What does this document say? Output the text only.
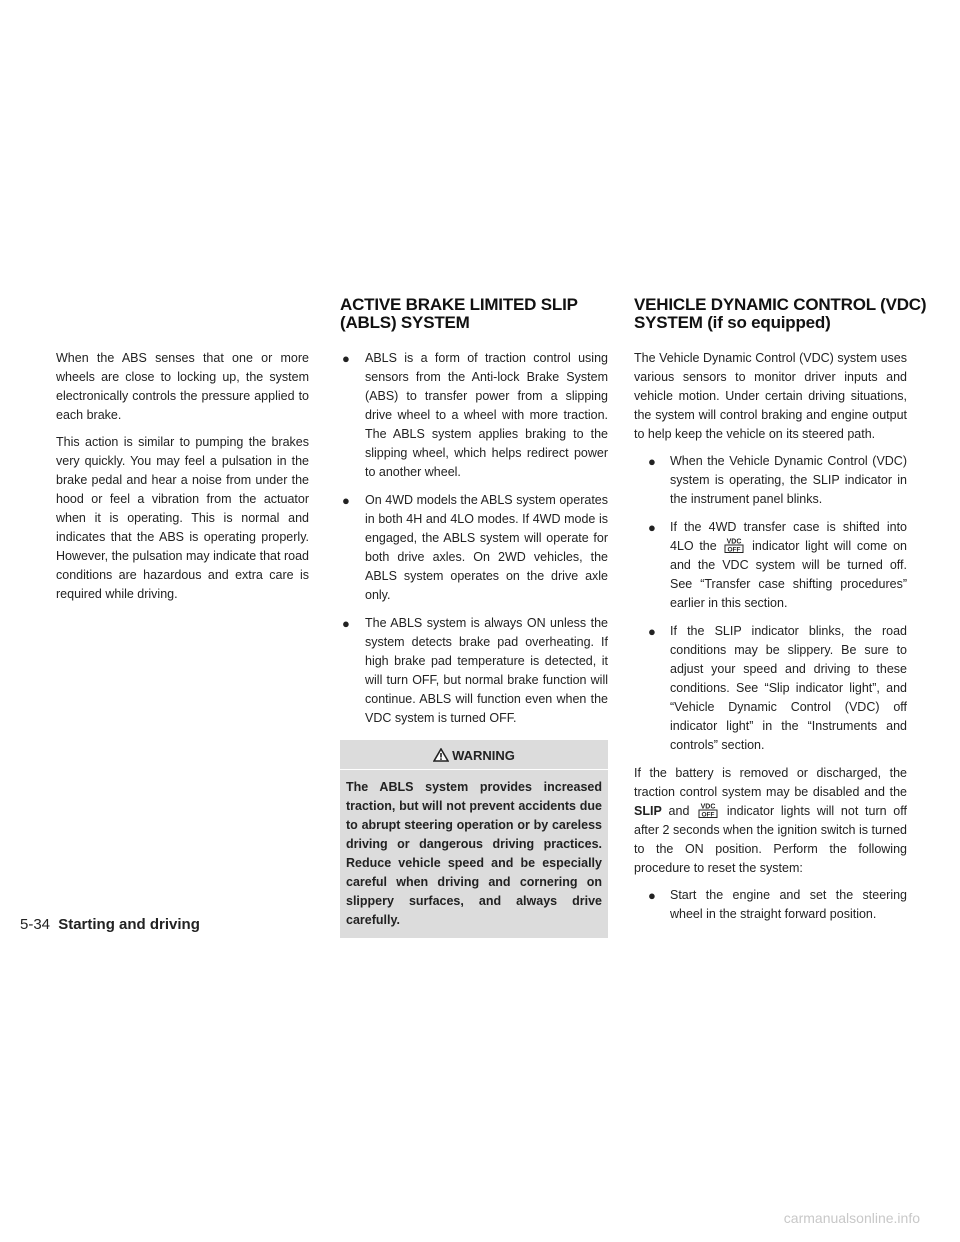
ACTIVE BRAKE LIMITED SLIP (ABLS) SYSTEM
VEHICLE DYNAMIC CONTROL (VDC) SYSTEM (if so equipped)

When the ABS senses that one or more wheels are close to locking up, the system electronically controls the pressure applied to each brake.

This action is similar to pumping the brakes very quickly. You may feel a pulsation in the brake pedal and hear a noise from under the hood or feel a vibration from the actuator when it is operating. This is normal and indicates that the ABS is operating properly. However, the pulsation may indicate that road conditions are hazardous and extra care is required while driving.

● ABLS is a form of traction control using sensors from the Anti-lock Brake System (ABS) to transfer power from a slipping drive wheel to a wheel with more traction. The ABLS system applies braking to the slipping wheel, which helps redirect power to another wheel.
● On 4WD models the ABLS system operates in both 4H and 4LO modes. If 4WD mode is engaged, the ABLS system will operate for both drive axles. On 2WD vehicles, the ABLS system operates on the drive axle only.
● The ABLS system is always ON unless the system detects brake pad overheating. If high brake pad temperature is detected, it will turn OFF, but normal brake function will continue. ABLS will function even when the VDC system is turned OFF.
WARNING
The ABLS system provides increased traction, but will not prevent accidents due to abrupt steering operation or by careless driving or dangerous driving practices. Reduce vehicle speed and be especially careful when driving and cornering on slippery surfaces, and always drive carefully.

The Vehicle Dynamic Control (VDC) system uses various sensors to monitor driver inputs and vehicle motion. Under certain driving situations, the system will control braking and engine output to help keep the vehicle on its steered path.

● When the Vehicle Dynamic Control (VDC) system is operating, the SLIP indicator in the instrument panel blinks.
● If the 4WD transfer case is shifted into 4LO the VDC
OFF indicator light will come on and the VDC system will be turned off. See “Transfer case shifting procedures” earlier in this section.
● If the SLIP indicator blinks, the road conditions may be slippery. Be sure to adjust your speed and driving to these conditions. See “Slip indicator light”, and “Vehicle Dynamic Control (VDC) off indicator light” in the “Instruments and controls” section.

If the battery is removed or discharged, the traction control system may be disabled and the SLIP and VDC
OFF indicator lights will not turn off after 2 seconds when the ignition switch is turned to the ON position. Perform the following procedure to reset the system:

● Start the engine and set the steering wheel in the straight forward position.
5-34 Starting and driving
carmanualsonline.info
